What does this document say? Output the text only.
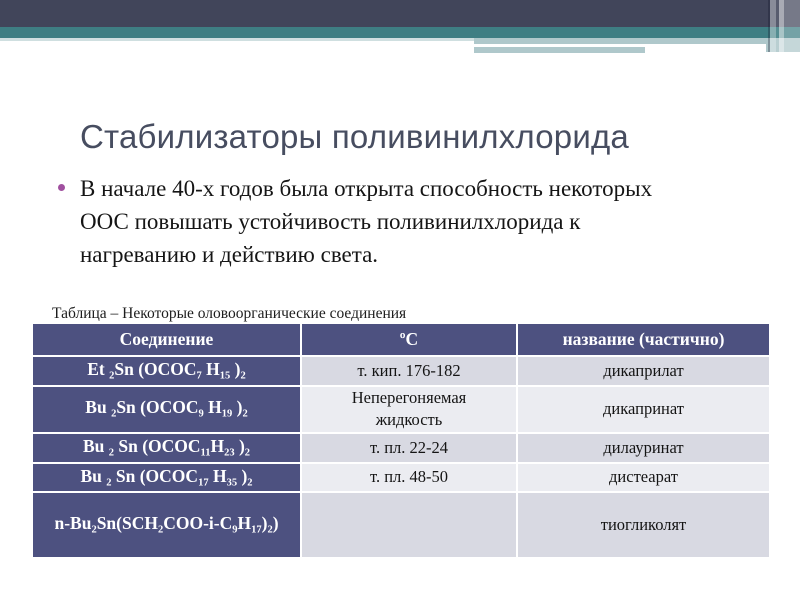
Стабилизаторы поливинилхлорида
В начале 40-х годов была открыта способность некоторых
ООС повышать устойчивость поливинилхлорида к
нагреванию и действию света.

Таблица – Некоторые оловоорганические соединения

Соединение	ºС	название (частично)
Et $_2$Sn ($OCOC_7$ $H_{15}$ )$_2$	т. кип. 176-182	дикаприлат
Bu $_2$Sn ($OCOC_9$ $H_{19}$ )$_2$	Неперегоняемая жидкость	дикапринат
Bu $_2$ Sn ($OCOC_{11}H_{23}$ )$_2$	т. пл. 22-24	дилауринат
Bu $_2$ Sn ($OCOC_{17}$ $H_{35}$ )$_2$	т. пл. 48-50	дистеарат
$n-Bu_2Sn(SCH_2COO-i-C_9H_{17})_2$)		тиогликолят
